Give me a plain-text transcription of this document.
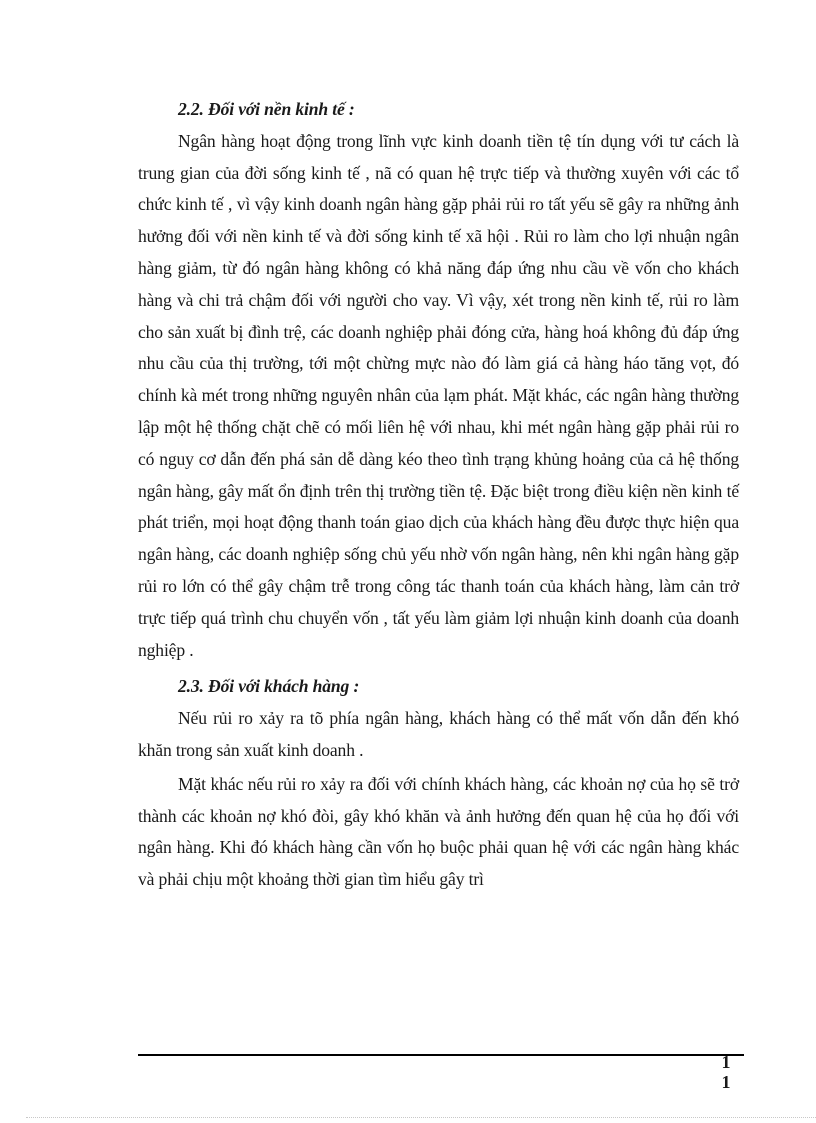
2.2. Đối với nền kinh tế :

Ngân hàng hoạt động trong lĩnh vực kinh doanh tiền tệ tín dụng với tư cách là trung gian của đời sống kinh tế , nã có quan hệ trực tiếp và thường xuyên với các tổ chức kinh tế , vì vậy kinh doanh ngân hàng gặp phải rủi ro tất yếu sẽ gây ra những ảnh hưởng đối với nền kinh tế và đời sống kinh tế xã hội . Rủi ro làm cho lợi nhuận ngân hàng giảm, từ đó ngân hàng không có khả năng đáp ứng nhu cầu về vốn cho khách hàng và chi trả chậm đối với người cho vay. Vì vậy, xét trong nền kinh tế, rủi ro làm cho sản xuất bị đình trệ, các doanh nghiệp phải đóng cửa, hàng hoá không đủ đáp ứng nhu cầu của thị trường, tới một chừng mực nào đó làm giá cả hàng háo tăng vọt, đó chính kà mét trong những nguyên nhân của lạm phát. Mặt khác, các ngân hàng thường lập một hệ thống chặt chẽ có mối liên hệ với nhau, khi mét ngân hàng gặp phải rủi ro có nguy cơ dẫn đến phá sản dễ dàng kéo theo tình trạng khủng hoảng của cả hệ thống ngân hàng, gây mất ổn định trên thị trường tiền tệ. Đặc biệt trong điều kiện nền kinh tế phát triển, mọi hoạt động thanh toán giao dịch của khách hàng đều được thực hiện qua ngân hàng, các doanh nghiệp sống chủ yếu nhờ vốn ngân hàng, nên khi ngân hàng gặp rủi ro lớn có thể gây chậm trễ trong công tác thanh toán của khách hàng, làm cản trở trực tiếp quá trình chu chuyển vốn , tất yếu làm giảm lợi nhuận kinh doanh của doanh nghiệp .

2.3. Đối với khách hàng :

Nếu rủi ro xảy ra tõ phía ngân hàng, khách hàng có thể mất vốn dẫn đến khó khăn trong sản xuất kinh doanh .

Mặt khác nếu rủi ro xảy ra đối với chính khách hàng, các khoản nợ của họ sẽ trở thành các khoản nợ khó đòi, gây khó khăn và ảnh hưởng đến quan hệ của họ đối với ngân hàng. Khi đó khách hàng cần vốn họ buộc phải quan hệ với các ngân hàng khác và phải chịu một khoảng thời gian tìm hiểu gây trì

1
1
